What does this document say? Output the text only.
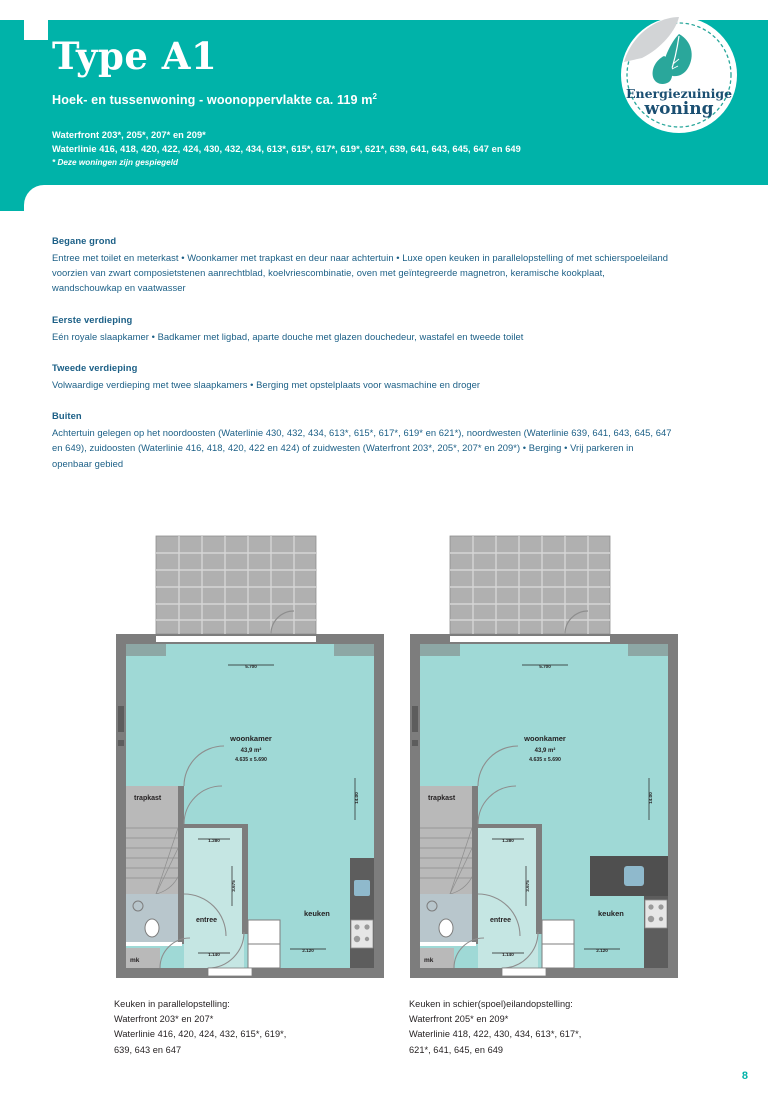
Type A1
Hoek- en tussenwoning - woonoppervlakte ca. 119 $m^2$
Waterfront 203*, 205*, 207* en 209*
Waterlinie 416, 418, 420, 422, 424, 430, 432, 434, 613*, 615*, 617*, 619*, 621*, 639, 641, 643, 645, 647 en 649
* Deze woningen zijn gespiegeld
Energiezuinige
woning
Begane grond
Entree met toilet en meterkast • Woonkamer met trapkast en deur naar achtertuin • Luxe open keuken in parallelopstelling of met schierspoeleiland voorzien van zwart composietstenen aanrechtblad, koelvriescombinatie, oven met geïntegreerde magnetron, keramische kookplaat, wandschouwkap en vaatwasser
Eerste verdieping
Eén royale slaapkamer • Badkamer met ligbad, aparte douche met glazen douchedeur, wastafel en tweede toilet
Tweede verdieping
Volwaardige verdieping met twee slaapkamers • Berging met opstelplaats voor wasmachine en droger
Buiten
Achtertuin gelegen op het noordoosten (Waterlinie 430, 432, 434, 613*, 615*, 617*, 619* en 621*), noordwesten (Waterlinie 639, 641, 643, 645, 647 en 649), zuidoosten (Waterlinie 416, 418, 420, 422 en 424) of zuidwesten (Waterfront 203*, 205*, 207* en 209*) • Berging • Vrij parkeren in openbaar gebied
trapkast
mk
entree
keuken
woonkamer
43,9 m²
4.635 x 5.690
5.700
14.00
1.280
3.675
1.140
2.120
trapkast
mk
entree
keuken
woonkamer
43,9 m²
4.635 x 5.690
5.700
14.00
1.280
3.675
1.140
2.120
Keuken in parallelopstelling:
Waterfront 203* en 207*
Waterlinie 416, 420, 424, 432, 615*, 619*,
639, 643 en 647
Keuken in schier(spoel)eilandopstelling:
Waterfront 205* en 209*
Waterlinie 418, 422, 430, 434, 613*, 617*,
621*, 641, 645, en 649
8
